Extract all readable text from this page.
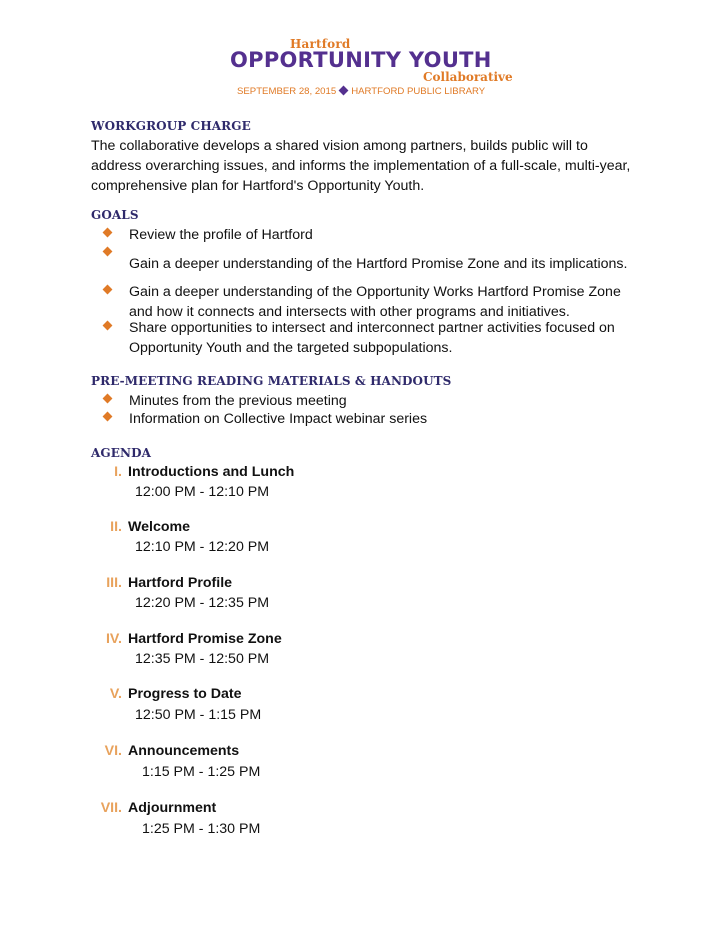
Hartford
OPPORTUNITY YOUTH
Collaborative
SEPTEMBER 28, 2015 HARTFORD PUBLIC LIBRARY
WORKGROUP CHARGE
The collaborative develops a shared vision among partners, builds public will to address overarching issues, and informs the implementation of a full-scale, multi-year, comprehensive plan for Hartford's Opportunity Youth.
GOALS
Review the profile of Hartford
Gain a deeper understanding of the Hartford Promise Zone and its implications.
Gain a deeper understanding of the Opportunity Works Hartford Promise Zone and how it connects and intersects with other programs and initiatives.
Share opportunities to intersect and interconnect partner activities focused on Opportunity Youth and the targeted subpopulations.
PRE-MEETING READING MATERIALS & HANDOUTS
Minutes from the previous meeting
Information on Collective Impact webinar series
AGENDA
I. Introductions and Lunch
12:00 PM - 12:10 PM
II. Welcome
12:10 PM - 12:20 PM
III. Hartford Profile
12:20 PM - 12:35 PM
IV. Hartford Promise Zone
12:35 PM - 12:50 PM
V. Progress to Date
12:50 PM - 1:15 PM
VI. Announcements
1:15 PM - 1:25 PM
VII. Adjournment
1:25 PM - 1:30 PM
